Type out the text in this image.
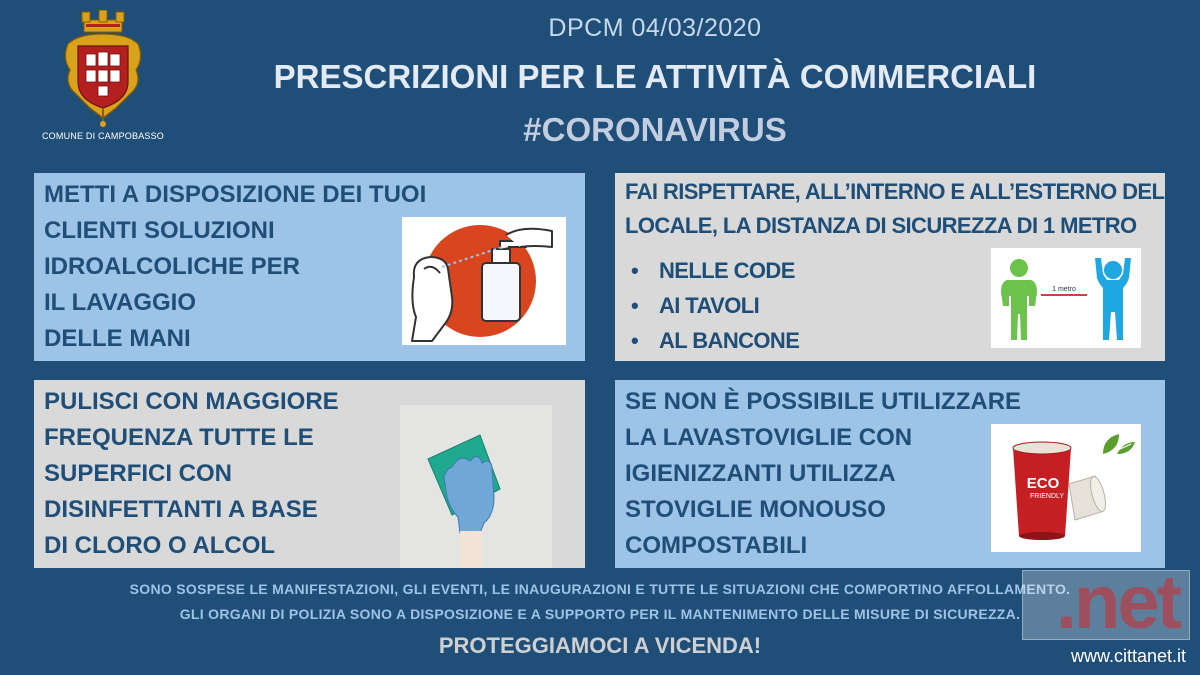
DPCM 04/03/2020
PRESCRIZIONI PER LE ATTIVITÀ COMMERCIALI
#CORONAVIRUS
COMUNE DI CAMPOBASSO
METTI A DISPOSIZIONE DEI TUOI
CLIENTI SOLUZIONI
IDROALCOLICHE PER
IL LAVAGGIO
DELLE MANI
FAI RISPETTARE, ALL’INTERNO E ALL’ESTERNO DEL
LOCALE, LA DISTANZA DI SICUREZZA DI 1 METRO
• NELLE CODE
• AI TAVOLI
• AL BANCONE
1 metro
PULISCI CON MAGGIORE
FREQUENZA TUTTE LE
SUPERFICI CON
DISINFETTANTI A BASE
DI CLORO O ALCOL
SE NON È POSSIBILE UTILIZZARE
LA LAVASTOVIGLIE CON
IGIENIZZANTI UTILIZZA
STOVIGLIE MONOUSO
COMPOSTABILI
ECO
FRIENDLY
SONO SOSPESE LE MANIFESTAZIONI, GLI EVENTI, LE INAUGURAZIONI E TUTTE LE SITUAZIONI CHE COMPORTINO AFFOLLAMENTO.
GLI ORGANI DI POLIZIA SONO A DISPOSIZIONE E A SUPPORTO PER IL MANTENIMENTO DELLE MISURE DI SICUREZZA.
PROTEGGIAMOCI A VICENDA!
.net
www.cittanet.it
